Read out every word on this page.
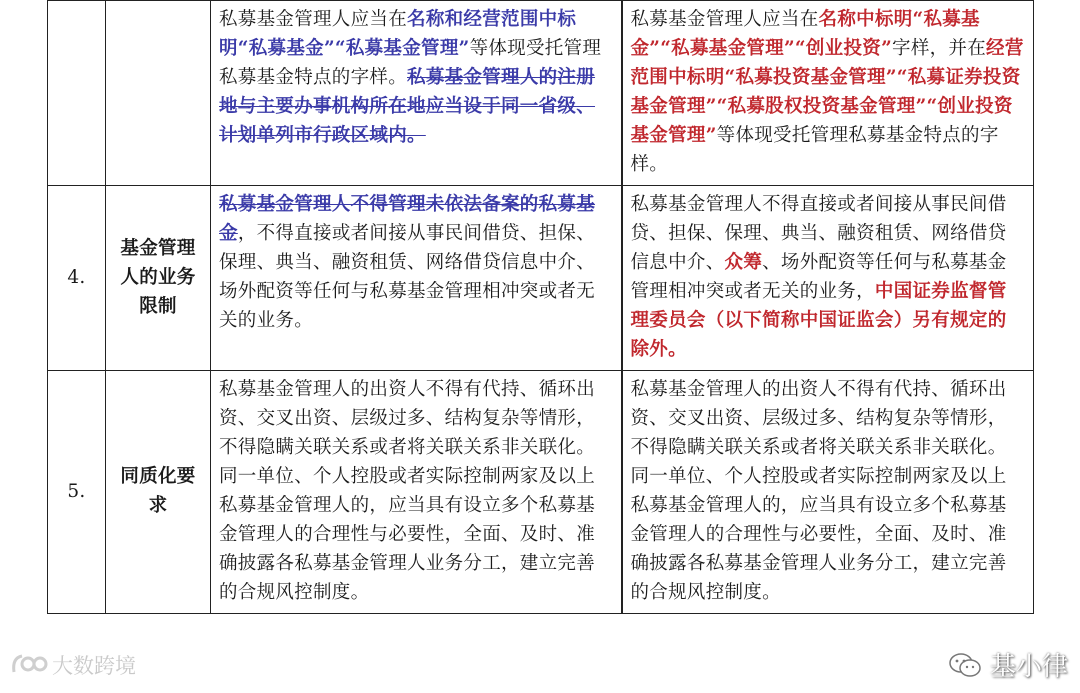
		私募基金管理人应当在名称和经营范围中标明“私募基金”“私募基金管理”等体现受托管理私募基金特点的字样。私募基金管理人的注册地与主要办事机构所在地应当设于同一省级、计划单列市行政区域内。	私募基金管理人应当在名称中标明“私募基金”“私募基金管理”“创业投资”字样，并在经营范围中标明“私募投资基金管理”“私募证券投资基金管理”“私募股权投资基金管理”“创业投资基金管理”等体现受托管理私募基金特点的字样。
4.	基金管理人的业务限制	私募基金管理人不得管理未依法备案的私募基金，不得直接或者间接从事民间借贷、担保、保理、典当、融资租赁、网络借贷信息中介、场外配资等任何与私募基金管理相冲突或者无关的业务。	私募基金管理人不得直接或者间接从事民间借贷、担保、保理、典当、融资租赁、网络借贷信息中介、众筹、场外配资等任何与私募基金管理相冲突或者无关的业务，中国证券监督管理委员会（以下简称中国证监会）另有规定的除外。
5.	同质化要求	私募基金管理人的出资人不得有代持、循环出资、交叉出资、层级过多、结构复杂等情形，不得隐瞒关联关系或者将关联关系非关联化。同一单位、个人控股或者实际控制两家及以上私募基金管理人的，应当具有设立多个私募基金管理人的合理性与必要性，全面、及时、准确披露各私募基金管理人业务分工，建立完善的合规风控制度。	私募基金管理人的出资人不得有代持、循环出资、交叉出资、层级过多、结构复杂等情形，不得隐瞒关联关系或者将关联关系非关联化。同一单位、个人控股或者实际控制两家及以上私募基金管理人的，应当具有设立多个私募基金管理人的合理性与必要性，全面、及时、准确披露各私募基金管理人业务分工，建立完善的合规风控制度。
大数跨境	基小律
